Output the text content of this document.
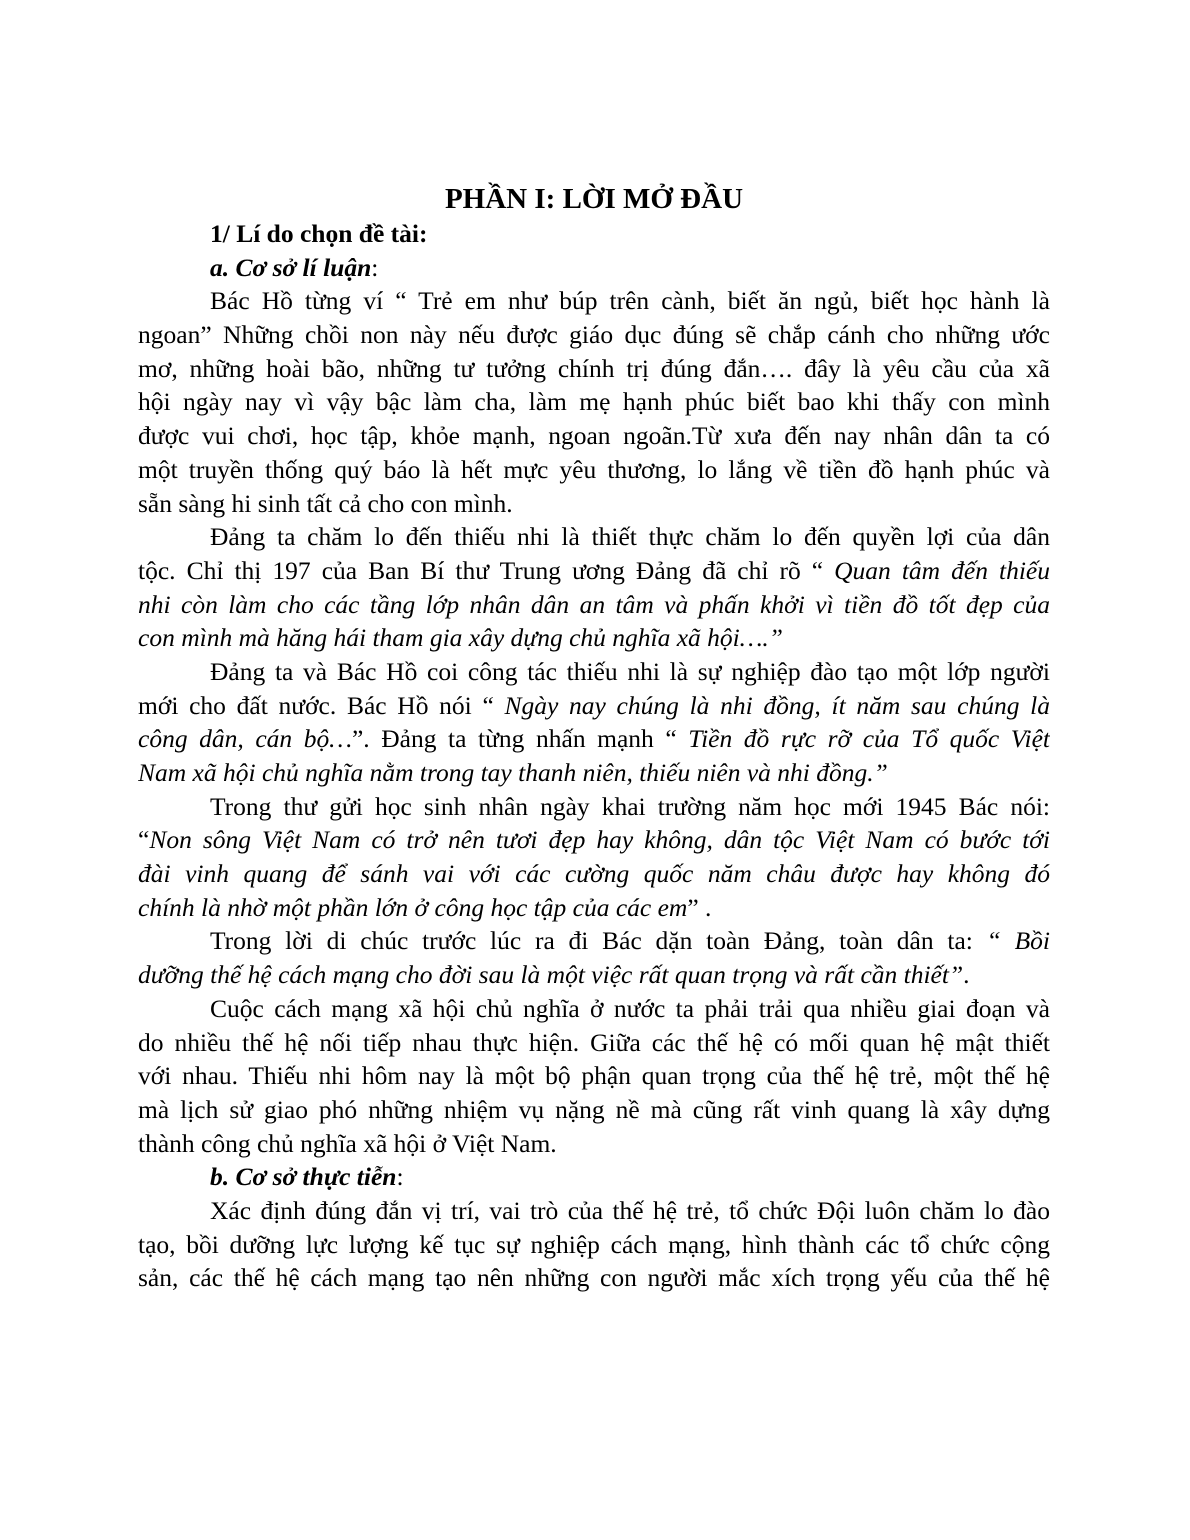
PHẦN I: LỜI MỞ ĐẦU
1/ Lí do chọn đề tài:
a. Cơ sở lí luận:
Bác Hồ từng ví “ Trẻ em như búp trên cành, biết ăn ngủ, biết học hành là
ngoan” Những chồi non này nếu được giáo dục đúng sẽ chắp cánh cho những ước
mơ, những hoài bão, những tư tưởng chính trị đúng đắn…. đây là yêu cầu của xã
hội ngày nay vì vậy bậc làm cha, làm mẹ hạnh phúc biết bao khi thấy con mình
được vui chơi, học tập, khỏe mạnh, ngoan ngoãn.Từ xưa đến nay nhân dân ta có
một truyền thống quý báo là hết mực yêu thương, lo lắng về tiền đồ hạnh phúc và
sẵn sàng hi sinh tất cả cho con mình.
Đảng ta chăm lo đến thiếu nhi là thiết thực chăm lo đến quyền lợi của dân
tộc. Chỉ thị 197 của Ban Bí thư Trung ương Đảng đã chỉ rõ “ Quan tâm đến thiếu
nhi còn làm cho các tầng lớp nhân dân an tâm và phấn khởi vì tiền đồ tốt đẹp của
con mình mà hăng hái tham gia xây dựng chủ nghĩa xã hội….”
Đảng ta và Bác Hồ coi công tác thiếu nhi là sự nghiệp đào tạo một lớp người
mới cho đất nước. Bác Hồ nói “ Ngày nay chúng là nhi đồng, ít năm sau chúng là
công dân, cán bộ…”. Đảng ta từng nhấn mạnh “ Tiền đồ rực rỡ của Tổ quốc Việt
Nam xã hội chủ nghĩa nằm trong tay thanh niên, thiếu niên và nhi đồng.”
Trong thư gửi học sinh nhân ngày khai trường năm học mới 1945 Bác nói:
“Non sông Việt Nam có trở nên tươi đẹp hay không, dân tộc Việt Nam có bước tới
đài vinh quang để sánh vai với các cường quốc năm châu được hay không đó
chính là nhờ một phần lớn ở công học tập của các em” .
Trong lời di chúc trước lúc ra đi Bác dặn toàn Đảng, toàn dân ta: “ Bồi
dưỡng thế hệ cách mạng cho đời sau là một việc rất quan trọng và rất cần thiết”.
Cuộc cách mạng xã hội chủ nghĩa ở nước ta phải trải qua nhiều giai đoạn và
do nhiều thế hệ nối tiếp nhau thực hiện. Giữa các thế hệ có mối quan hệ mật thiết
với nhau. Thiếu nhi hôm nay là một bộ phận quan trọng của thế hệ trẻ, một thế hệ
mà lịch sử giao phó những nhiệm vụ nặng nề mà cũng rất vinh quang là xây dựng
thành công chủ nghĩa xã hội ở Việt Nam.
b. Cơ sở thực tiễn:
Xác định đúng đắn vị trí, vai trò của thế hệ trẻ, tổ chức Đội luôn chăm lo đào
tạo, bồi dưỡng lực lượng kế tục sự nghiệp cách mạng, hình thành các tổ chức cộng
sản, các thế hệ cách mạng tạo nên những con người mắc xích trọng yếu của thế hệ
